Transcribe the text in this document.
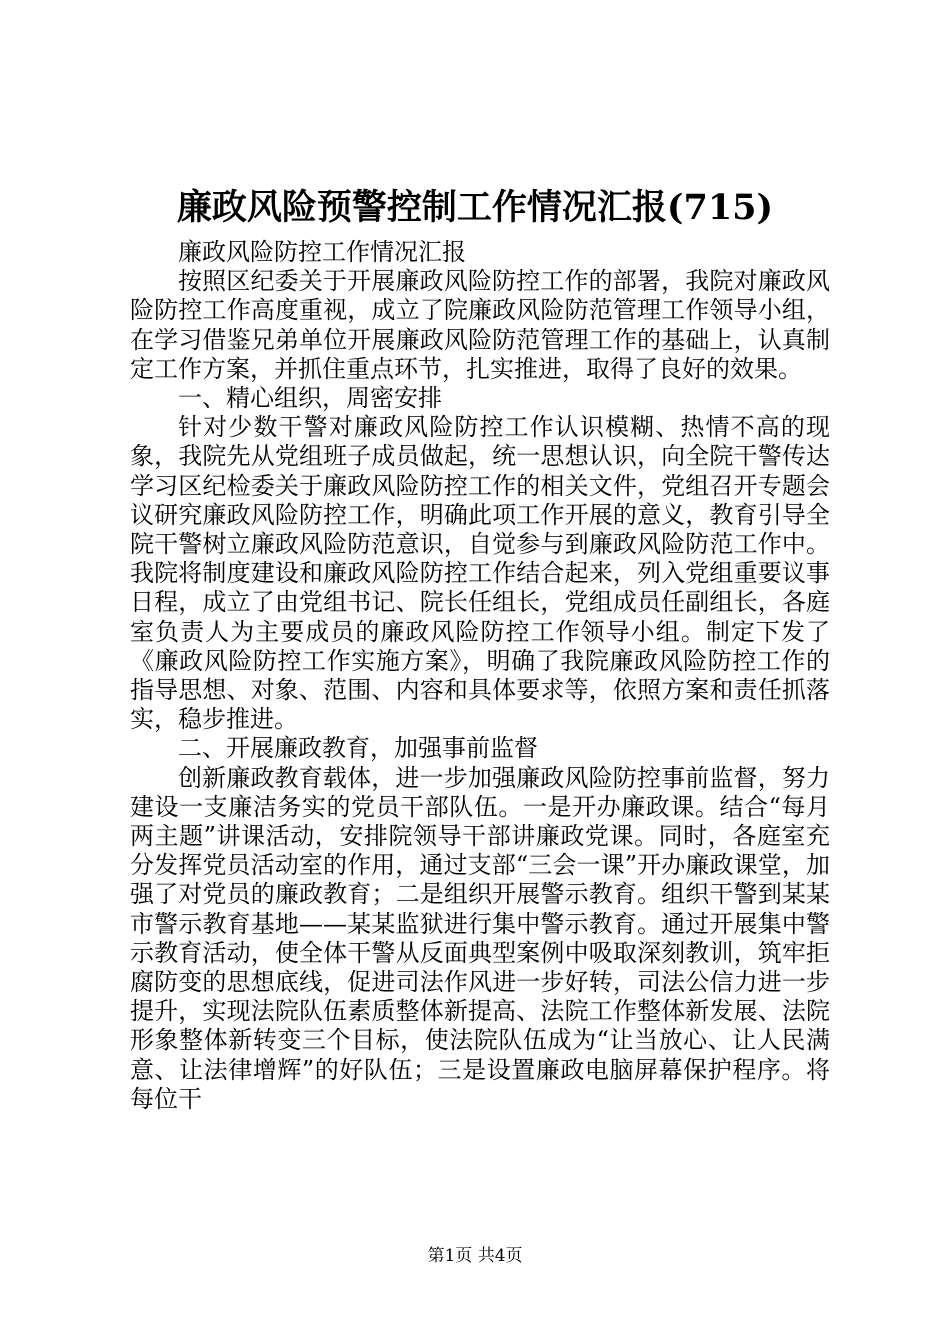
廉政风险预警控制工作情况汇报(715)

廉政风险防控工作情况汇报

按照区纪委关于开展廉政风险防控工作的部署，我院对廉政风险防控工作高度重视，成立了院廉政风险防范管理工作领导小组，在学习借鉴兄弟单位开展廉政风险防范管理工作的基础上，认真制定工作方案，并抓住重点环节，扎实推进，取得了良好的效果。

一、精心组织，周密安排

针对少数干警对廉政风险防控工作认识模糊、热情不高的现象，我院先从党组班子成员做起，统一思想认识，向全院干警传达学习区纪检委关于廉政风险防控工作的相关文件，党组召开专题会议研究廉政风险防控工作，明确此项工作开展的意义，教育引导全院干警树立廉政风险防范意识，自觉参与到廉政风险防范工作中。我院将制度建设和廉政风险防控工作结合起来，列入党组重要议事日程，成立了由党组书记、院长任组长，党组成员任副组长，各庭室负责人为主要成员的廉政风险防控工作领导小组。制定下发了《廉政风险防控工作实施方案》，明确了我院廉政风险防控工作的指导思想、对象、范围、内容和具体要求等，依照方案和责任抓落实，稳步推进。

二、开展廉政教育，加强事前监督

创新廉政教育载体，进一步加强廉政风险防控事前监督，努力建设一支廉洁务实的党员干部队伍。一是开办廉政课。结合“每月两主题”讲课活动，安排院领导干部讲廉政党课。同时，各庭室充分发挥党员活动室的作用，通过支部“三会一课”开办廉政课堂，加强了对党员的廉政教育；二是组织开展警示教育。组织干警到某某市警示教育基地——某某监狱进行集中警示教育。通过开展集中警示教育活动，使全体干警从反面典型案例中吸取深刻教训，筑牢拒腐防变的思想底线，促进司法作风进一步好转，司法公信力进一步提升，实现法院队伍素质整体新提高、法院工作整体新发展、法院形象整体新转变三个目标，使法院队伍成为“让当放心、让人民满意、让法律增辉”的好队伍；三是设置廉政电脑屏幕保护程序。将每位干

第1页 共4页
